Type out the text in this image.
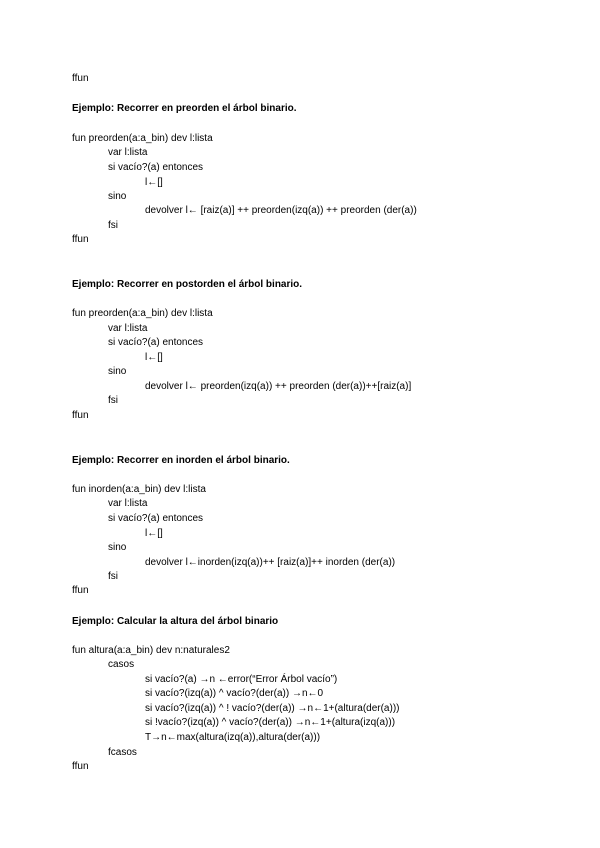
ffun
Ejemplo: Recorrer en preorden el árbol binario.
fun preorden(a:a_bin) dev l:lista
var l:lista
si vacío?(a) entonces
l←[]
sino
devolver l← [raiz(a)] ++ preorden(izq(a)) ++ preorden (der(a))
fsi
ffun
Ejemplo: Recorrer en postorden el árbol binario.
fun preorden(a:a_bin) dev l:lista
var l:lista
si vacío?(a) entonces
l←[]
sino
devolver l← preorden(izq(a)) ++ preorden (der(a))++[raiz(a)]
fsi
ffun
Ejemplo: Recorrer en inorden el árbol binario.
fun inorden(a:a_bin) dev l:lista
var l:lista
si vacío?(a) entonces
l←[]
sino
devolver l←inorden(izq(a))++ [raiz(a)]++ inorden (der(a))
fsi
ffun
Ejemplo: Calcular la altura del árbol binario
fun altura(a:a_bin) dev n:naturales2
casos
si vacío?(a) →n ←error(“Error Árbol vacío”)
si vacío?(izq(a)) ^ vacío?(der(a)) →n←0
si vacío?(izq(a)) ^ ! vacío?(der(a)) →n←1+(altura(der(a)))
si !vacío?(izq(a)) ^ vacío?(der(a)) →n←1+(altura(izq(a)))
T→n←max(altura(izq(a)),altura(der(a)))
fcasos
ffun
